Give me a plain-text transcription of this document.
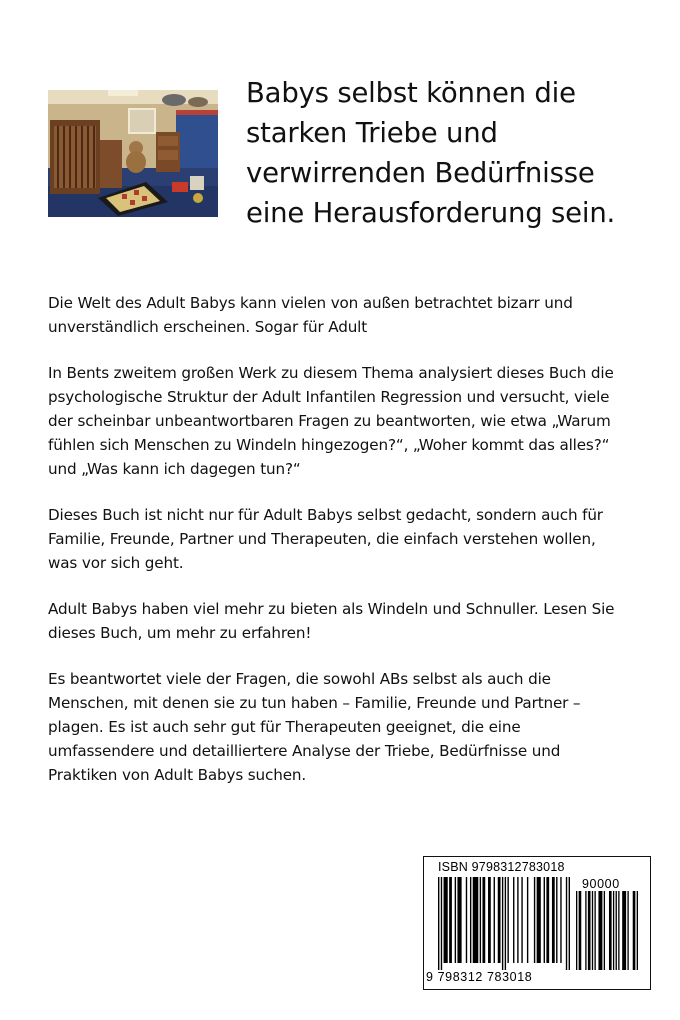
Babys selbst können die
starken Triebe und
verwirrenden Bedürfnisse
eine Herausforderung sein.

Die Welt des Adult Babys kann vielen von außen betrachtet bizarr und
unverständlich erscheinen. Sogar für Adult

In Bents zweitem großen Werk zu diesem Thema analysiert dieses Buch die
psychologische Struktur der Adult Infantilen Regression und versucht, viele
der scheinbar unbeantwortbaren Fragen zu beantworten, wie etwa „Warum
fühlen sich Menschen zu Windeln hingezogen?“, „Woher kommt das alles?“
und „Was kann ich dagegen tun?“

Dieses Buch ist nicht nur für Adult Babys selbst gedacht, sondern auch für
Familie, Freunde, Partner und Therapeuten, die einfach verstehen wollen,
was vor sich geht.

Adult Babys haben viel mehr zu bieten als Windeln und Schnuller. Lesen Sie
dieses Buch, um mehr zu erfahren!

Es beantwortet viele der Fragen, die sowohl ABs selbst als auch die
Menschen, mit denen sie zu tun haben – Familie, Freunde und Partner –
plagen. Es ist auch sehr gut für Therapeuten geeignet, die eine
umfassendere und detailliertere Analyse der Triebe, Bedürfnisse und
Praktiken von Adult Babys suchen.

ISBN 9798312783018
90000
9 798312 783018
